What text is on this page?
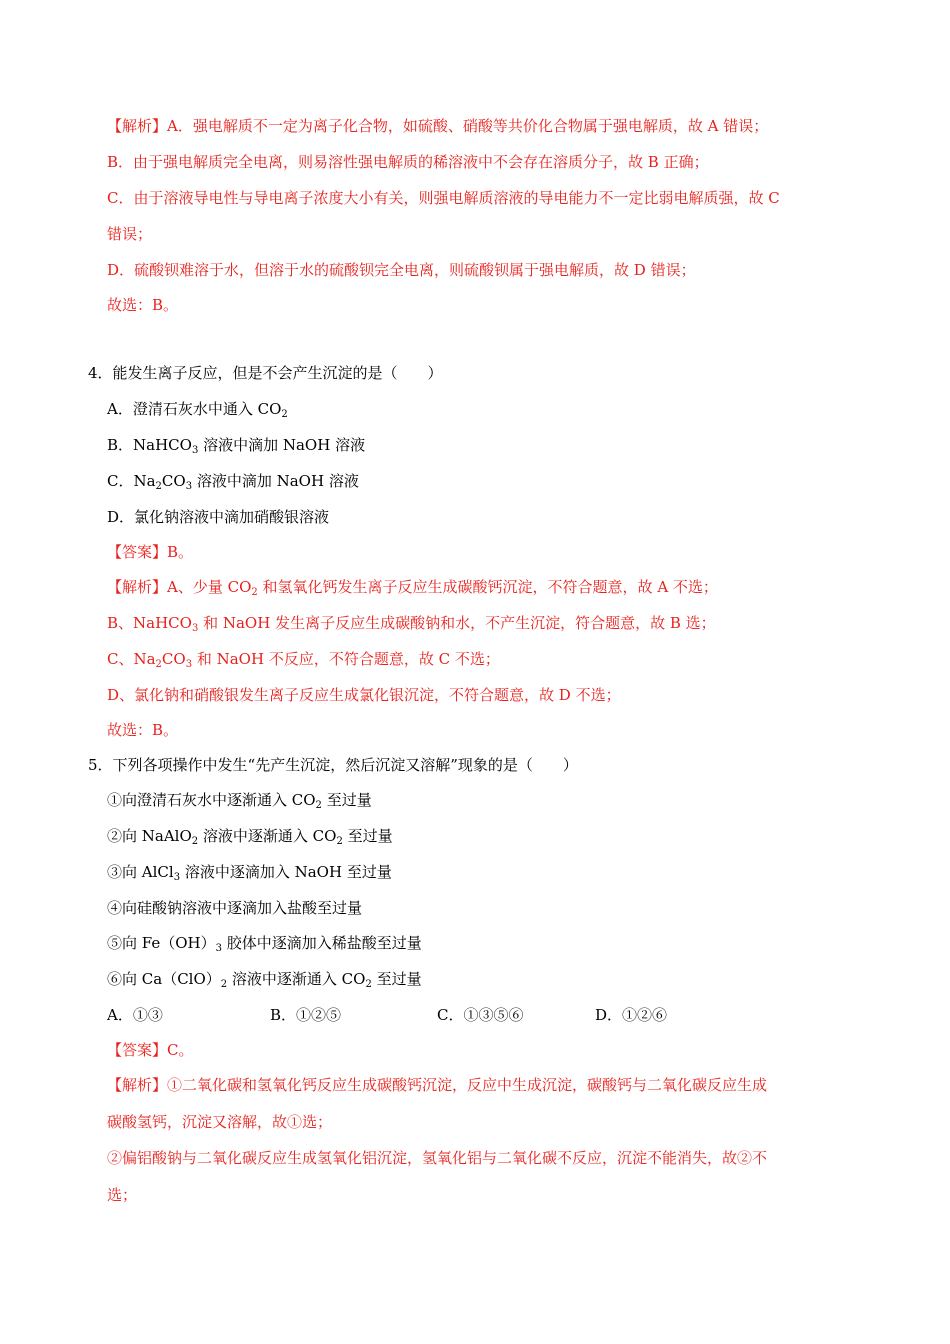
【解析】A．强电解质不一定为离子化合物，如硫酸、硝酸等共价化合物属于强电解质，故 A 错误；
B．由于强电解质完全电离，则易溶性强电解质的稀溶液中不会存在溶质分子，故 B 正确；
C．由于溶液导电性与导电离子浓度大小有关，则强电解质溶液的导电能力不一定比弱电解质强，故 C
错误；
D．硫酸钡难溶于水，但溶于水的硫酸钡完全电离，则硫酸钡属于强电解质，故 D 错误；
故选：B。
4．能发生离子反应，但是不会产生沉淀的是（　　）
A．澄清石灰水中通入 $CO_2$
B．NaHCO$_3$ 溶液中滴加 NaOH 溶液
C．$Na_2CO_3$ 溶液中滴加 NaOH 溶液
D．氯化钠溶液中滴加硝酸银溶液
【答案】B。
【解析】A、少量 $CO_2$ 和氢氧化钙发生离子反应生成碳酸钙沉淀，不符合题意，故 A 不选；
B、NaHCO$_3$ 和 NaOH 发生离子反应生成碳酸钠和水，不产生沉淀，符合题意，故 B 选；
C、$Na_2CO_3$ 和 NaOH 不反应，不符合题意，故 C 不选；
D、氯化钠和硝酸银发生离子反应生成氯化银沉淀，不符合题意，故 D 不选；
故选：B。
5．下列各项操作中发生“先产生沉淀，然后沉淀又溶解”现象的是（　　）
①向澄清石灰水中逐渐通入 $CO_2$ 至过量
②向 NaAlO$_2$ 溶液中逐渐通入 $CO_2$ 至过量
③向 AlCl$_3$ 溶液中逐滴加入 NaOH 至过量
④向硅酸钠溶液中逐滴加入盐酸至过量
⑤向 $Fe(OH)_3$ 胶体中逐滴加入稀盐酸至过量
⑥向 $Ca(ClO)_2$ 溶液中逐渐通入 $CO_2$ 至过量
A．①③	B．①②⑤	C．①③⑤⑥	D．①②⑥
【答案】C。
【解析】①二氧化碳和氢氧化钙反应生成碳酸钙沉淀，反应中生成沉淀，碳酸钙与二氧化碳反应生成
碳酸氢钙，沉淀又溶解，故①选；
②偏铝酸钠与二氧化碳反应生成氢氧化铝沉淀，氢氧化铝与二氧化碳不反应，沉淀不能消失，故②不
选；
